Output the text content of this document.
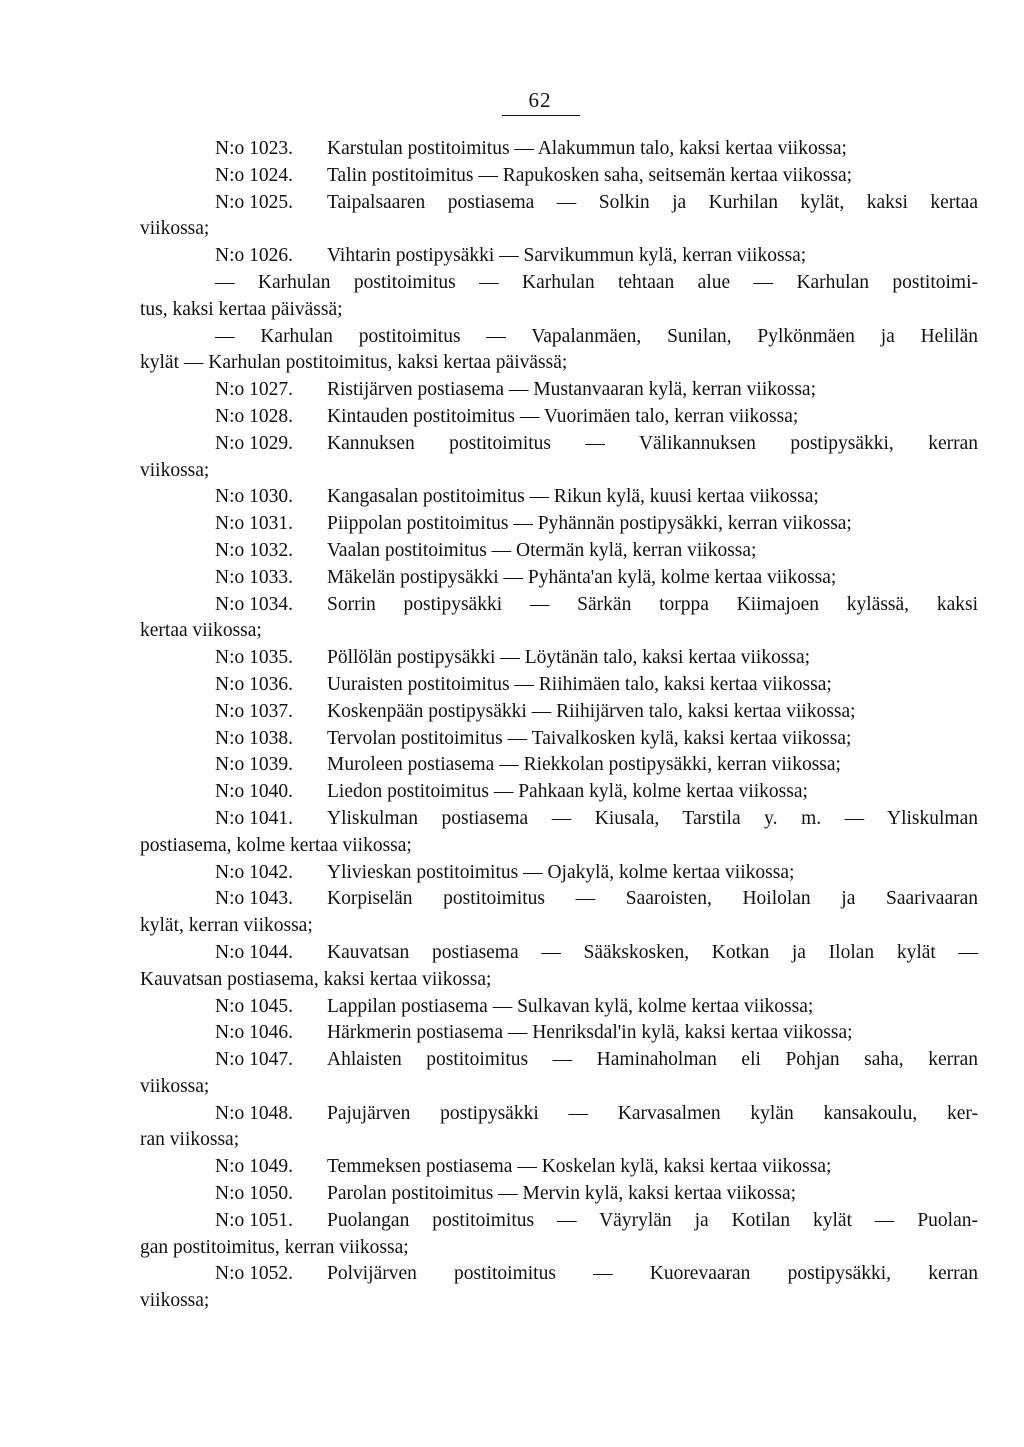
62
N:o 1023. Karstulan postitoimitus — Alakummun talo, kaksi kertaa viikossa;
N:o 1024. Talin postitoimitus — Rapukosken saha, seitsemän kertaa viikossa;
N:o 1025. Taipalsaaren postiasema — Solkin ja Kurhilan kylät, kaksi kertaa
viikossa;
N:o 1026. Vihtarin postipysäkki — Sarvikummun kylä, kerran viikossa;
— Karhulan postitoimitus — Karhulan tehtaan alue — Karhulan postitoimi-
tus, kaksi kertaa päivässä;
— Karhulan postitoimitus — Vapalanmäen, Sunilan, Pylkönmäen ja Helilän
kylät — Karhulan postitoimitus, kaksi kertaa päivässä;
N:o 1027. Ristijärven postiasema — Mustanvaaran kylä, kerran viikossa;
N:o 1028. Kintauden postitoimitus — Vuorimäen talo, kerran viikossa;
N:o 1029. Kannuksen postitoimitus — Välikannuksen postipysäkki, kerran
viikossa;
N:o 1030. Kangasalan postitoimitus — Rikun kylä, kuusi kertaa viikossa;
N:o 1031. Piippolan postitoimitus — Pyhännän postipysäkki, kerran viikossa;
N:o 1032. Vaalan postitoimitus — Otermän kylä, kerran viikossa;
N:o 1033. Mäkelän postipysäkki — Pyhänta'an kylä, kolme kertaa viikossa;
N:o 1034. Sorrin postipysäkki — Särkän torppa Kiimajoen kylässä, kaksi
kertaa viikossa;
N:o 1035. Pöllölän postipysäkki — Löytänän talo, kaksi kertaa viikossa;
N:o 1036. Uuraisten postitoimitus — Riihimäen talo, kaksi kertaa viikossa;
N:o 1037. Koskenpään postipysäkki — Riihijärven talo, kaksi kertaa viikossa;
N:o 1038. Tervolan postitoimitus — Taivalkosken kylä, kaksi kertaa viikossa;
N:o 1039. Muroleen postiasema — Riekkolan postipysäkki, kerran viikossa;
N:o 1040. Liedon postitoimitus — Pahkaan kylä, kolme kertaa viikossa;
N:o 1041. Yliskulman postiasema — Kiusala, Tarstila y. m. — Yliskulman
postiasema, kolme kertaa viikossa;
N:o 1042. Ylivieskan postitoimitus — Ojakylä, kolme kertaa viikossa;
N:o 1043. Korpiselän postitoimitus — Saaroisten, Hoilolan ja Saarivaaran
kylät, kerran viikossa;
N:o 1044. Kauvatsan postiasema — Sääkskosken, Kotkan ja Ilolan kylät —
Kauvatsan postiasema, kaksi kertaa viikossa;
N:o 1045. Lappilan postiasema — Sulkavan kylä, kolme kertaa viikossa;
N:o 1046. Härkmerin postiasema — Henriksdal'in kylä, kaksi kertaa viikossa;
N:o 1047. Ahlaisten postitoimitus — Haminaholman eli Pohjan saha, kerran
viikossa;
N:o 1048. Pajujärven postipysäkki — Karvasalmen kylän kansakoulu, ker-
ran viikossa;
N:o 1049. Temmeksen postiasema — Koskelan kylä, kaksi kertaa viikossa;
N:o 1050. Parolan postitoimitus — Mervin kylä, kaksi kertaa viikossa;
N:o 1051. Puolangan postitoimitus — Väyrylän ja Kotilan kylät — Puolan-
gan postitoimitus, kerran viikossa;
N:o 1052. Polvijärven postitoimitus — Kuorevaaran postipysäkki, kerran
viikossa;
